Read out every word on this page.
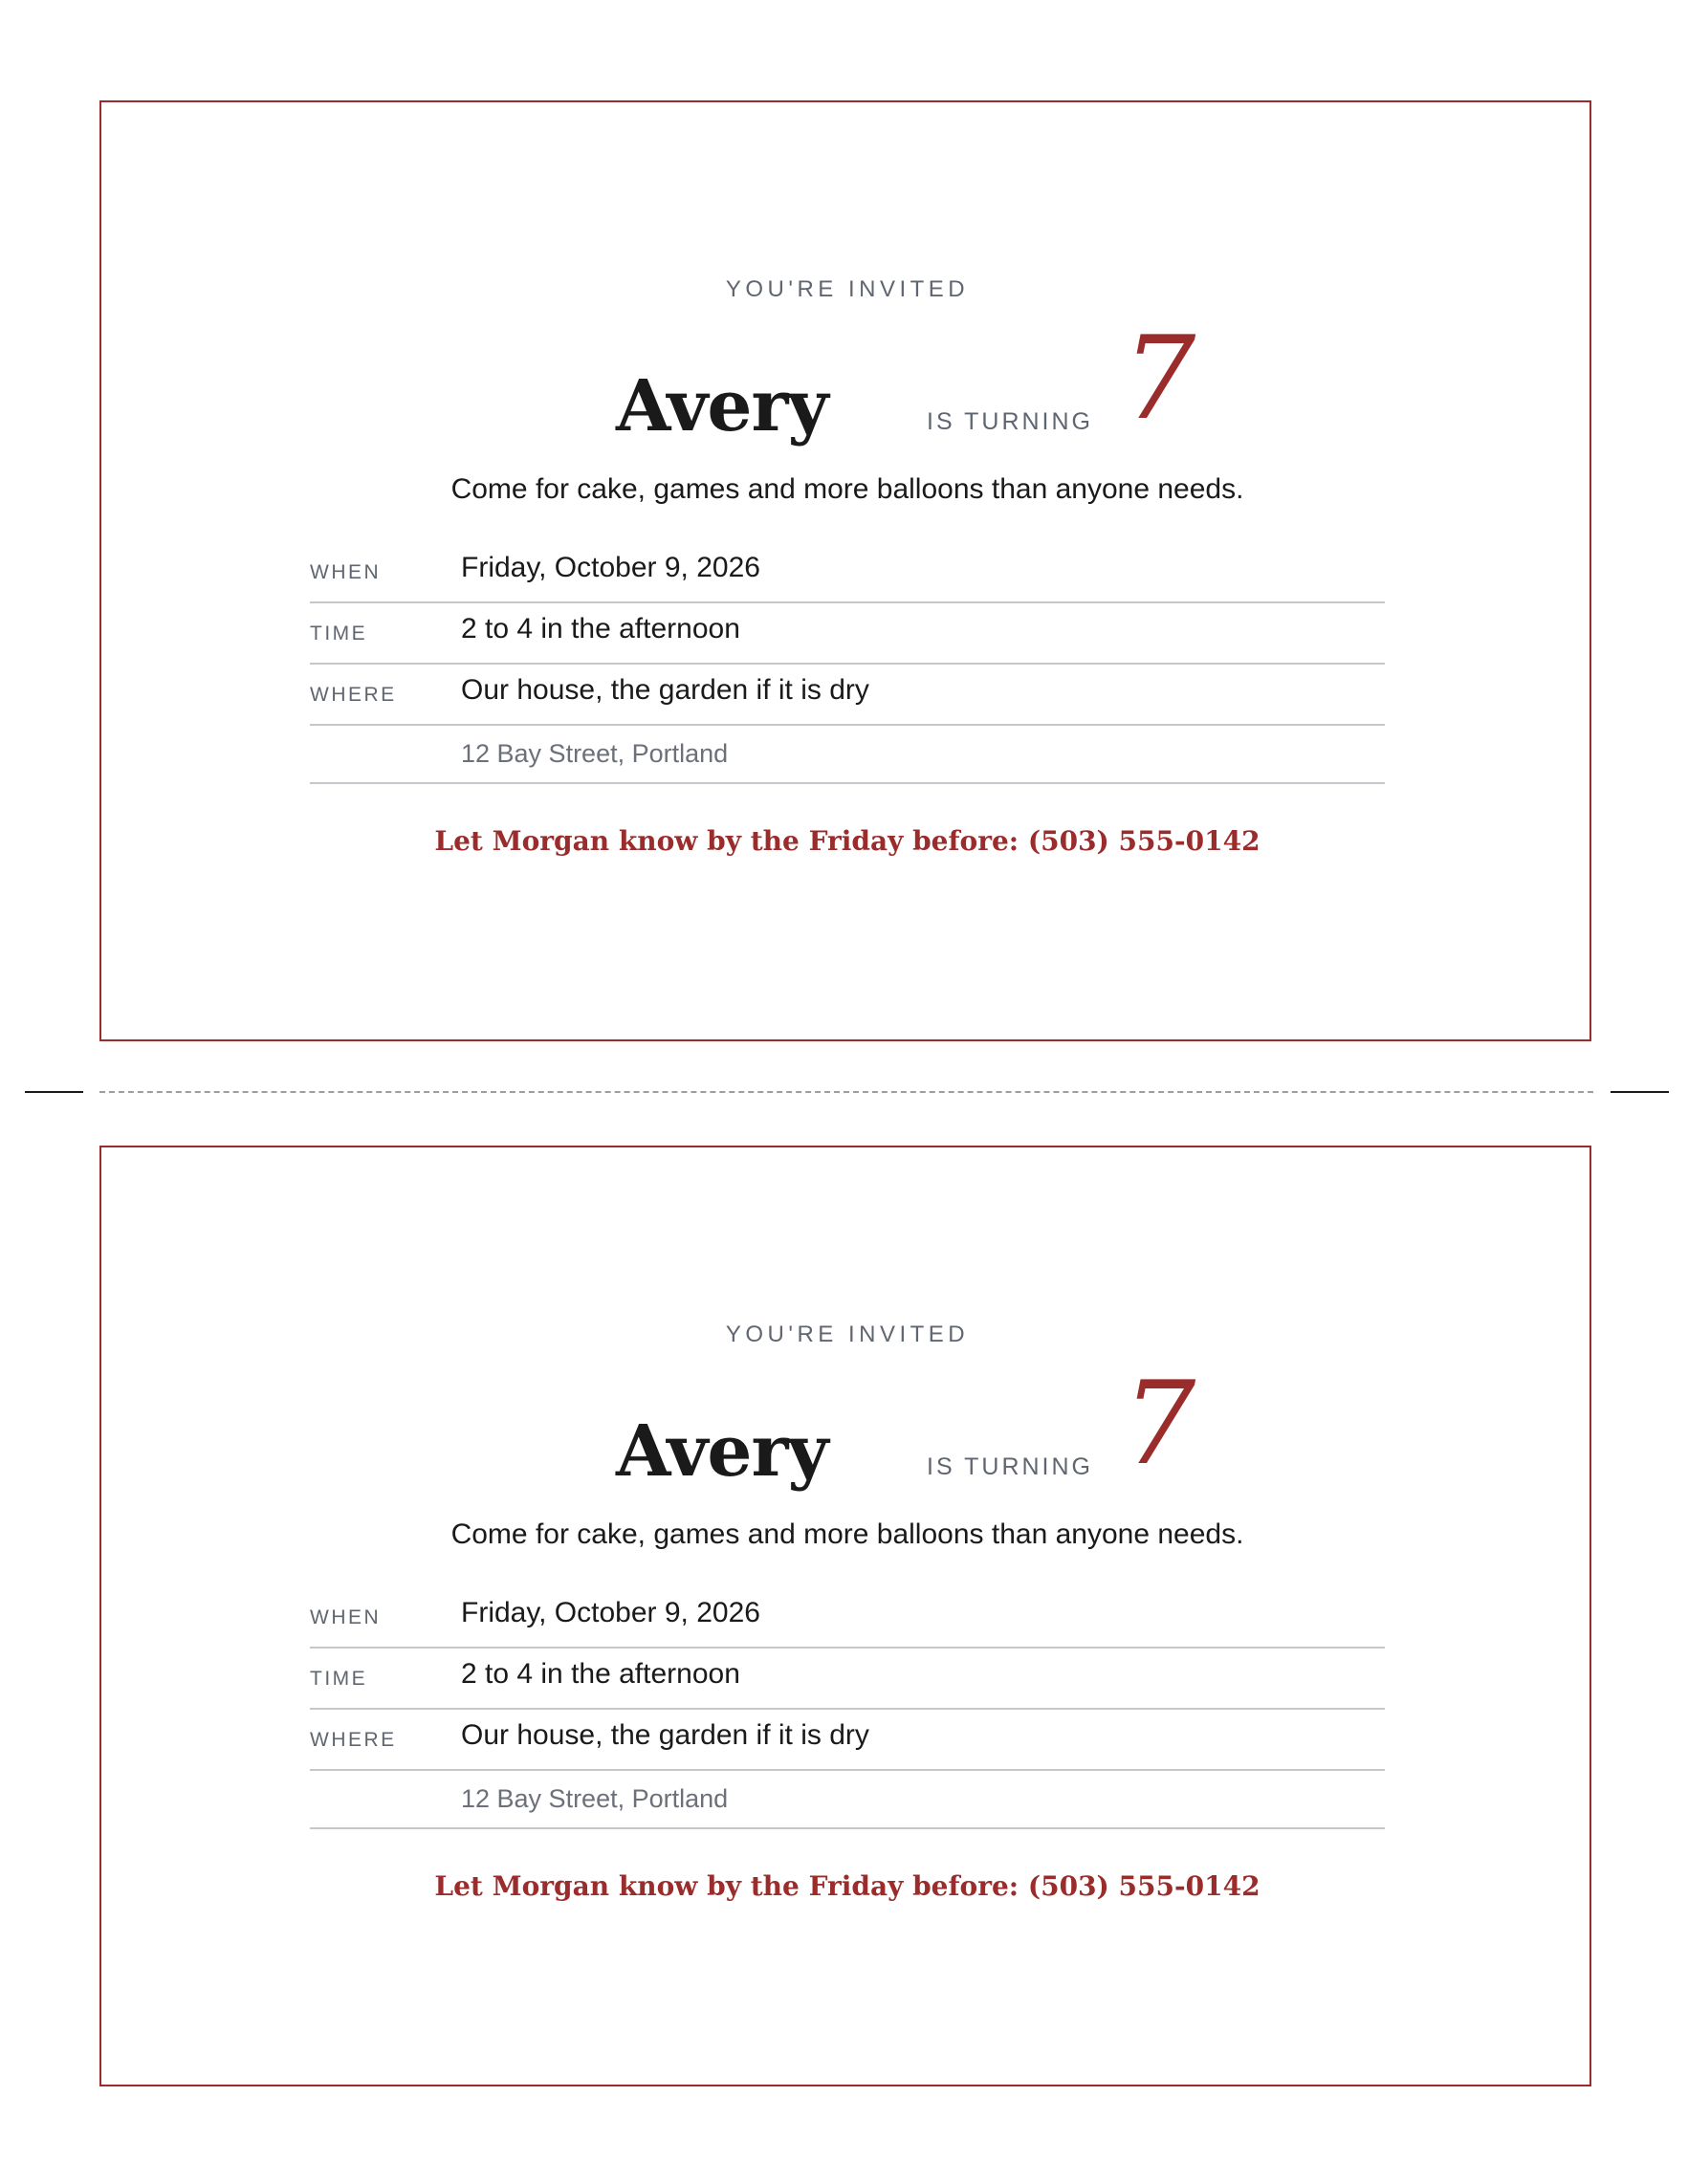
YOU'RE INVITED
Avery	IS TURNING 7
Come for cake, games and more balloons than anyone needs.
WHEN	Friday, October 9, 2026
TIME	2 to 4 in the afternoon
WHERE Our house, the garden if it is dry
12 Bay Street, Portland
Let Morgan know by the Friday before: (503) 555-0142
YOU'RE INVITED
Avery	IS TURNING 7
Come for cake, games and more balloons than anyone needs.
WHEN	Friday, October 9, 2026
TIME	2 to 4 in the afternoon
WHERE Our house, the garden if it is dry
12 Bay Street, Portland
Let Morgan know by the Friday before: (503) 555-0142
